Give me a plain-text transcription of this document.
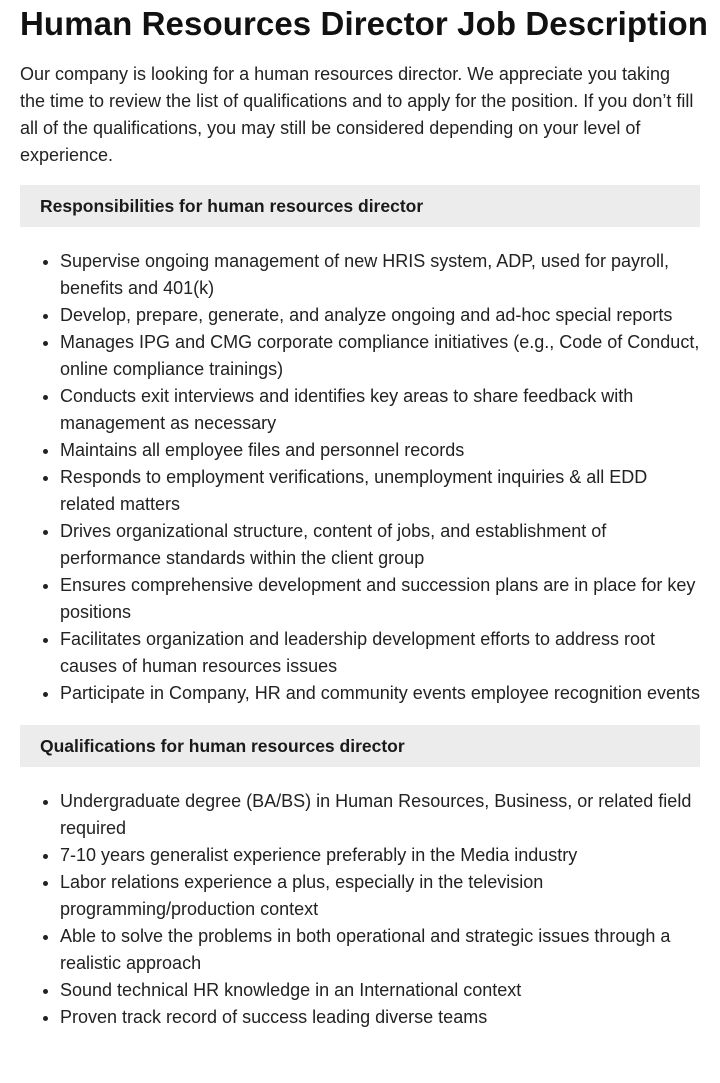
Human Resources Director Job Description

Our company is looking for a human resources director. We appreciate you taking the time to review the list of qualifications and to apply for the position. If you don’t fill all of the qualifications, you may still be considered depending on your level of experience.

Responsibilities for human resources director
• Supervise ongoing management of new HRIS system, ADP, used for payroll, benefits and 401(k)
• Develop, prepare, generate, and analyze ongoing and ad-hoc special reports
• Manages IPG and CMG corporate compliance initiatives (e.g., Code of Conduct, online compliance trainings)
• Conducts exit interviews and identifies key areas to share feedback with management as necessary
• Maintains all employee files and personnel records
• Responds to employment verifications, unemployment inquiries & all EDD related matters
• Drives organizational structure, content of jobs, and establishment of performance standards within the client group
• Ensures comprehensive development and succession plans are in place for key positions
• Facilitates organization and leadership development efforts to address root causes of human resources issues
• Participate in Company, HR and community events employee recognition events
Qualifications for human resources director
• Undergraduate degree (BA/BS) in Human Resources, Business, or related field required
• 7-10 years generalist experience preferably in the Media industry
• Labor relations experience a plus, especially in the television programming/production context
• Able to solve the problems in both operational and strategic issues through a realistic approach
• Sound technical HR knowledge in an International context
• Proven track record of success leading diverse teams
